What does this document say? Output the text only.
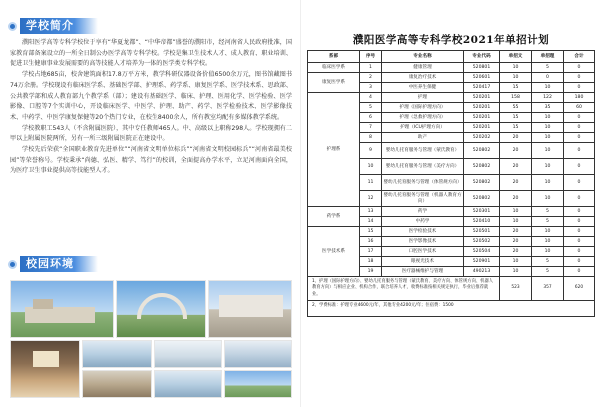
学校简介

濮阳医学高等专科学校位于享有“华夏龙都”、“中华帝都”盛誉的濮阳市，经河南省人民政府批准，国家教育部备案设立的一所全日制公办医学高等专科学校。学校是集卫生技术人才、成人教育、职业培训、促进卫生健康事业发展需要的高等技能人才培养为一体的医学类专科学校。

学校占地685亩，校舍建筑面积17.8万平方米，教学科研仪器设备价值6500余万元，图书馆藏图书74万余册。学校现设有临床医学系、基础医学部、护理系、药学系、康复医学系、医学技术系、思政部、公共教学部和成人教育部九个教学系（部）；建设有基础医学、临床、护理、医用化学、医学检验、医学影像、口腔等7个实训中心，开设临床医学、中医学、护理、助产、药学、医学检验技术、医学影像技术、中药学、中医学康复保健等20个热门专业，在校生8400余人，所有教室均配有多媒体教学系统。

学校教职工543人（不含附属医院），其中专任教师465人。中、高级以上职称298人。学校现拥有二甲以上附属医院两所，另有一所三级附属医院正在建设中。

学校先后荣获“全国职业教育先进单位”“河南省文明单位标兵”“河南省文明校园标兵”“河南省最美校园”等荣誉称号。学校秉承“尚德、弘医、精学、笃行”的校训，全面提高办学水平，立足河南面向全国，为医疗卫生事业提供高等技能型人才。

校园环境
濮阳医学高等专科学校2021年单招计划
系部	序号	专业名称	专业代码	单招文	单招理	合计
临床医学系	1	健康管理	520801	10	5	0
康复医学系	2	康复治疗技术	520601	10	0	0
	3	中医养生保健	520417	15	10	0
护理系	4	护理	520201	158	122	180
	5	护理（国际护理方向）	520201	55	35	60
	6	护理（急救护理方向）	520201	15	10	0
	7	护理（ICU护理方向）	520201	15	10	0
	8	助产	520202	20	10	0
	9	婴幼儿托育服务与管理（蒙氏教育）	520802	20	10	0
	10	婴幼儿托育服务与管理（美疗方向）	520802	20	10	0
	11	婴幼儿托育服务与管理（体管规方向）	520802	20	10	0
	12	婴幼儿托育服务与管理（机器人教育方向）	520802	20	10	0
药学系	13	药学	520301	10	5	0
	14	中药学	520410	10	5	0
医学技术系	15	医学检验技术	520501	20	10	0
	16	医学影像技术	520502	20	10	0
	17	口腔医学技术	520504	20	10	0
	18	眼视光技术	520901	10	5	0
	19	医疗器械维护与管理	490213	10	5	0
1、护理（国际护理方向）、婴幼儿托育服务与管理（蒙氏教育、美疗方向、体管规方向、机器人教育方向）与相应企业、机构合作，联合培养人才，收费标准按相关规定执行，毕业后推荐就业。				523	357	620
2、学费标准：护理专业4600元/年，其他专业4200元/年；住宿费：1500						
